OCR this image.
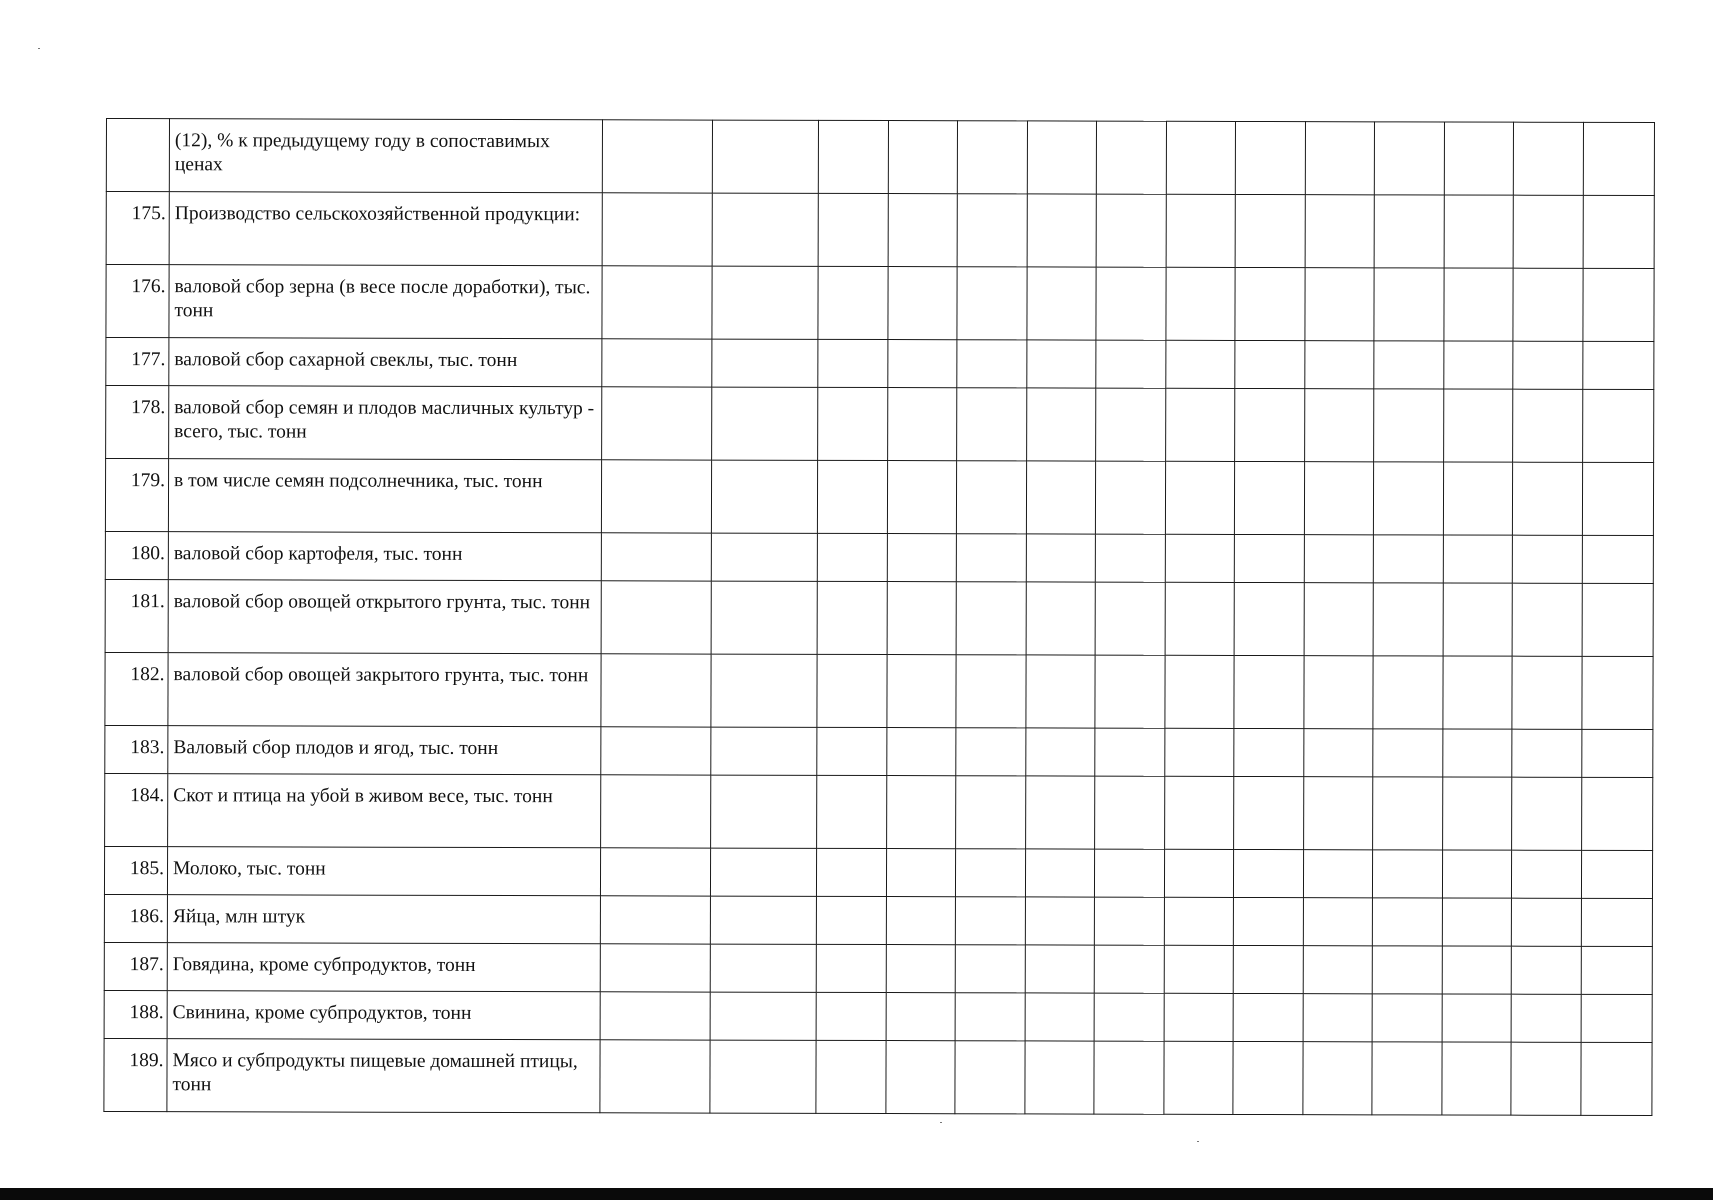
	(12), % к предыдущему году в сопоставимых ценах														
175.	Производство сельскохозяйственной продукции:														
176.	валовой сбор зерна (в весе после доработки), тыс. тонн														
177.	валовой сбор сахарной свеклы, тыс. тонн														
178.	валовой сбор семян и плодов масличных культур - всего, тыс. тонн														
179.	в том числе семян подсолнечника, тыс. тонн														
180.	валовой сбор картофеля, тыс. тонн														
181.	валовой сбор овощей открытого грунта, тыс. тонн														
182.	валовой сбор овощей закрытого грунта, тыс. тонн														
183.	Валовый сбор плодов и ягод, тыс. тонн														
184.	Скот и птица на убой в живом весе, тыс. тонн														
185.	Молоко, тыс. тонн														
186.	Яйца, млн штук														
187.	Говядина, кроме субпродуктов, тонн														
188.	Свинина, кроме субпродуктов, тонн														
189.	Мясо и субпродукты пищевые домашней птицы, тонн														
